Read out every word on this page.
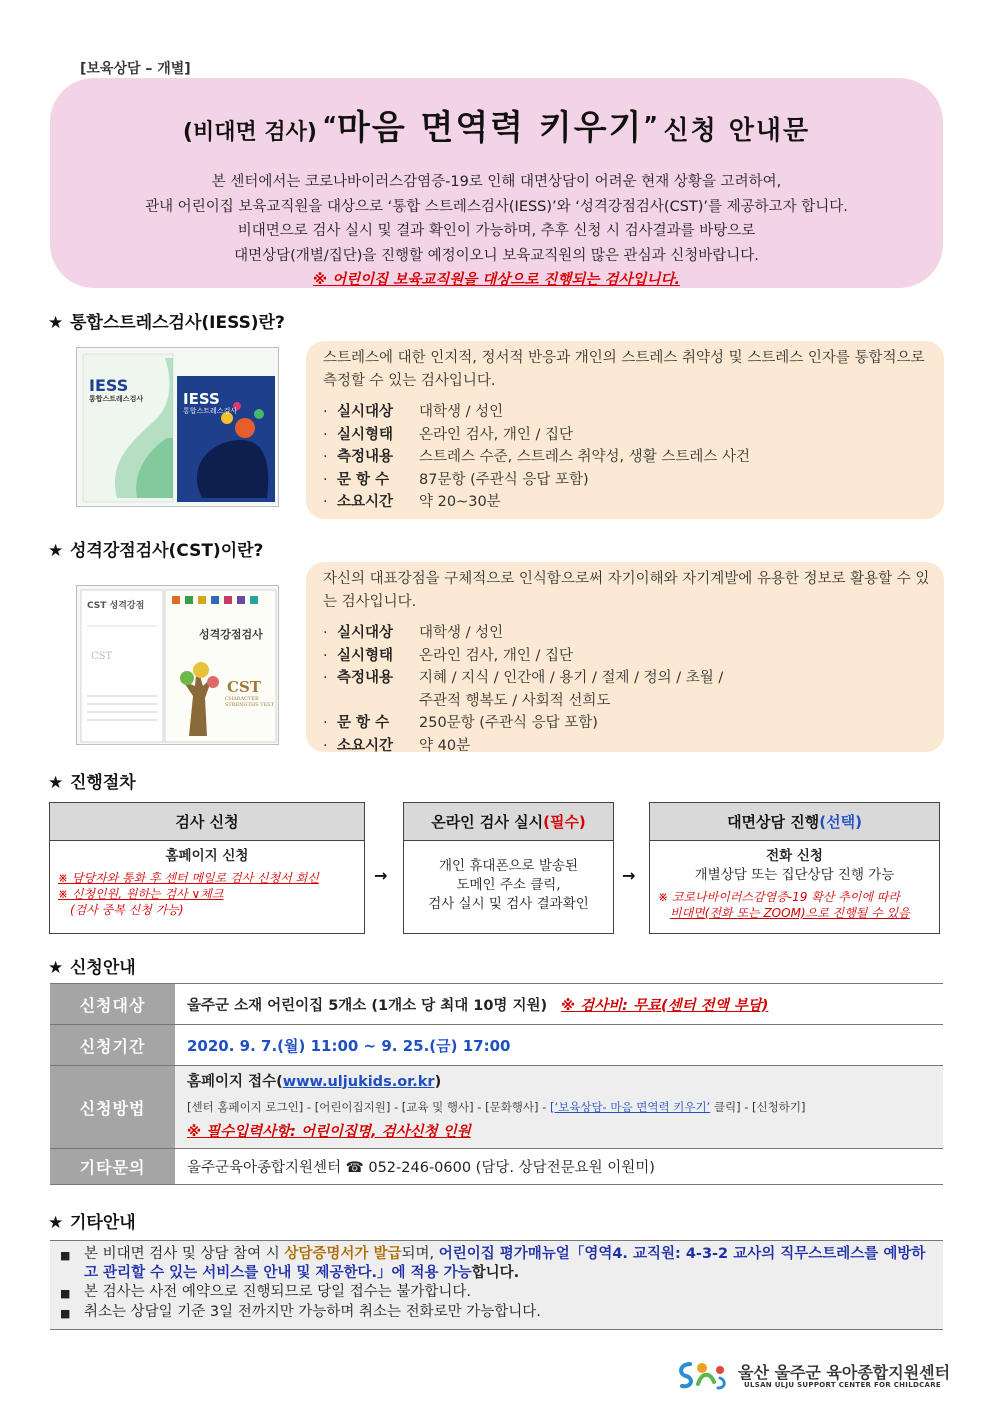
[보육상담 – 개별]
(비대면 검사) “마음 면역력 키우기” 신청 안내문
본 센터에서는 코로나바이러스감염증-19로 인해 대면상담이 어려운 현재 상황을 고려하여,
관내 어린이집 보육교직원을 대상으로 ‘통합 스트레스검사(IESS)’와 ‘성격강점검사(CST)’를 제공하고자 합니다.
비대면으로 검사 실시 및 결과 확인이 가능하며, 추후 신청 시 검사결과를 바탕으로
대면상담(개별/집단)을 진행할 예정이오니 보육교직원의 많은 관심과 신청바랍니다.
※ 어린이집 보육교직원을 대상으로 진행되는 검사입니다.
★ 통합스트레스검사(IESS)란?
IESS
통합스트레스검사	IESS
통합스트레스검사
스트레스에 대한 인지적, 정서적 반응과 개인의 스트레스 취약성 및 스트레스 인자를 통합적으로 측정할 수 있는 검사입니다.
· 실시대상	대학생 / 성인
· 실시형태	온라인 검사, 개인 / 집단
· 측정내용	스트레스 수준, 스트레스 취약성, 생활 스트레스 사건
· 문 항 수	87문항 (주관식 응답 포함)
· 소요시간	약 20~30분
★ 성격강점검사(CST)이란?
CST 성격강점
성격강점검사
CST
CHARACTER STRENGTHS TEST
CST
자신의 대표강점을 구체적으로 인식함으로써 자기이해와 자기계발에 유용한 정보로 활용할 수 있는 검사입니다.
· 실시대상	대학생 / 성인
· 실시형태	온라인 검사, 개인 / 집단
· 측정내용	지혜 / 지식 / 인간애 / 용기 / 절제 / 정의 / 초월 /
주관적 행복도 / 사회적 선희도
· 문 항 수	250문항 (주관식 응답 포함)
· 소요시간	약 40분
★ 진행절차
검사 신청
홈페이지 신청
※ 담당자와 통화 후 센터 메일로 검사 신청서 회신
※ 신청인원, 원하는 검사 ∨체크
(검사 중복 신청 가능)
→
온라인 검사 실시(필수)
개인 휴대폰으로 발송된
도메인 주소 클릭,
검사 실시 및 검사 결과확인
→
대면상담 진행(선택)
전화 신청
개별상담 또는 집단상담 진행 가능
※ 코로나바이러스감염증-19 확산 추이에 따라
비대면(전화 또는 ZOOM)으로 진행될 수 있음
★ 신청안내
신청대상	울주군 소재 어린이집 5개소 (1개소 당 최대 10명 지원) ※ 검사비: 무료(센터 전액 부담)
신청기간	2020. 9. 7.(월) 11:00 ~ 9. 25.(금) 17:00
신청방법	홈페이지 접수(www.uljukids.or.kr)
[센터 홈페이지 로그인] - [어린이집지원] - [교육 및 행사] - [문화행사] - [‘보육상담- 마음 면역력 키우기’ 클릭] - [신청하기]
※ 필수입력사항: 어린이집명, 검사신청 인원

기타문의	울주군육아종합지원센터 ☎ 052-246-0600 (담당. 상담전문요원 이원미)
★ 기타안내
■ 본 비대면 검사 및 상담 참여 시 상담증명서가 발급되며, 어린이집 평가매뉴얼「영역4. 교직원: 4-3-2 교사의 직무스트레스를 예방하고 관리할 수 있는 서비스를 안내 및 제공한다.」에 적용 가능합니다.
■ 본 검사는 사전 예약으로 진행되므로 당일 접수는 불가합니다.
■ 취소는 상담일 기준 3일 전까지만 가능하며 취소는 전화로만 가능합니다.
울산 울주군 육아종합지원센터
ULSAN ULJU SUPPORT CENTER FOR CHILDCARE
